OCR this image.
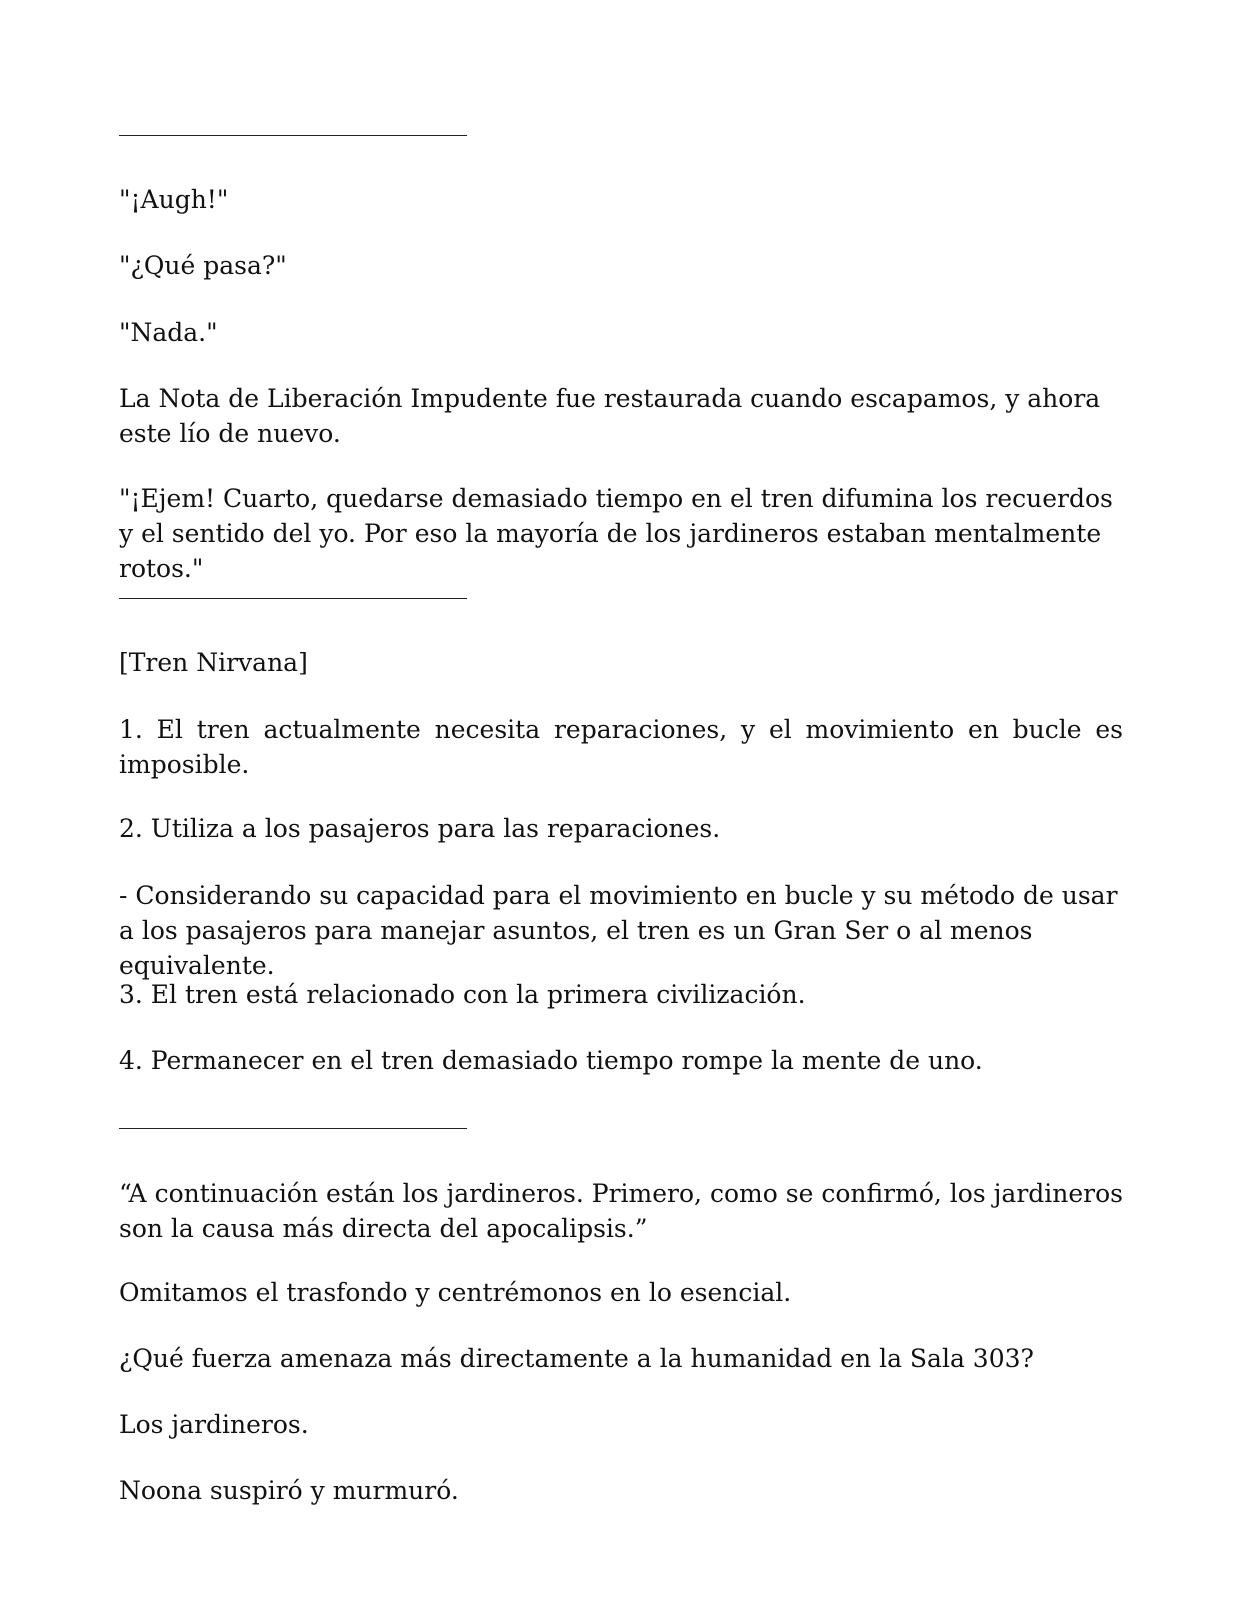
"¡Augh!"

"¿Qué pasa?"

"Nada."

La Nota de Liberación Impudente fue restaurada cuando escapamos, y ahora este lío de nuevo.

"¡Ejem! Cuarto, quedarse demasiado tiempo en el tren difumina los recuerdos y el sentido del yo. Por eso la mayoría de los jardineros estaban mentalmente rotos."

[Tren Nirvana]

1. El tren actualmente necesita reparaciones, y el movimiento en bucle es imposible.

2. Utiliza a los pasajeros para las reparaciones.

- Considerando su capacidad para el movimiento en bucle y su método de usar a los pasajeros para manejar asuntos, el tren es un Gran Ser o al menos equivalente.

3. El tren está relacionado con la primera civilización.

4. Permanecer en el tren demasiado tiempo rompe la mente de uno.

“A continuación están los jardineros. Primero, como se confirmó, los jardineros son la causa más directa del apocalipsis.”

Omitamos el trasfondo y centrémonos en lo esencial.

¿Qué fuerza amenaza más directamente a la humanidad en la Sala 303?

Los jardineros.

Noona suspiró y murmuró.
